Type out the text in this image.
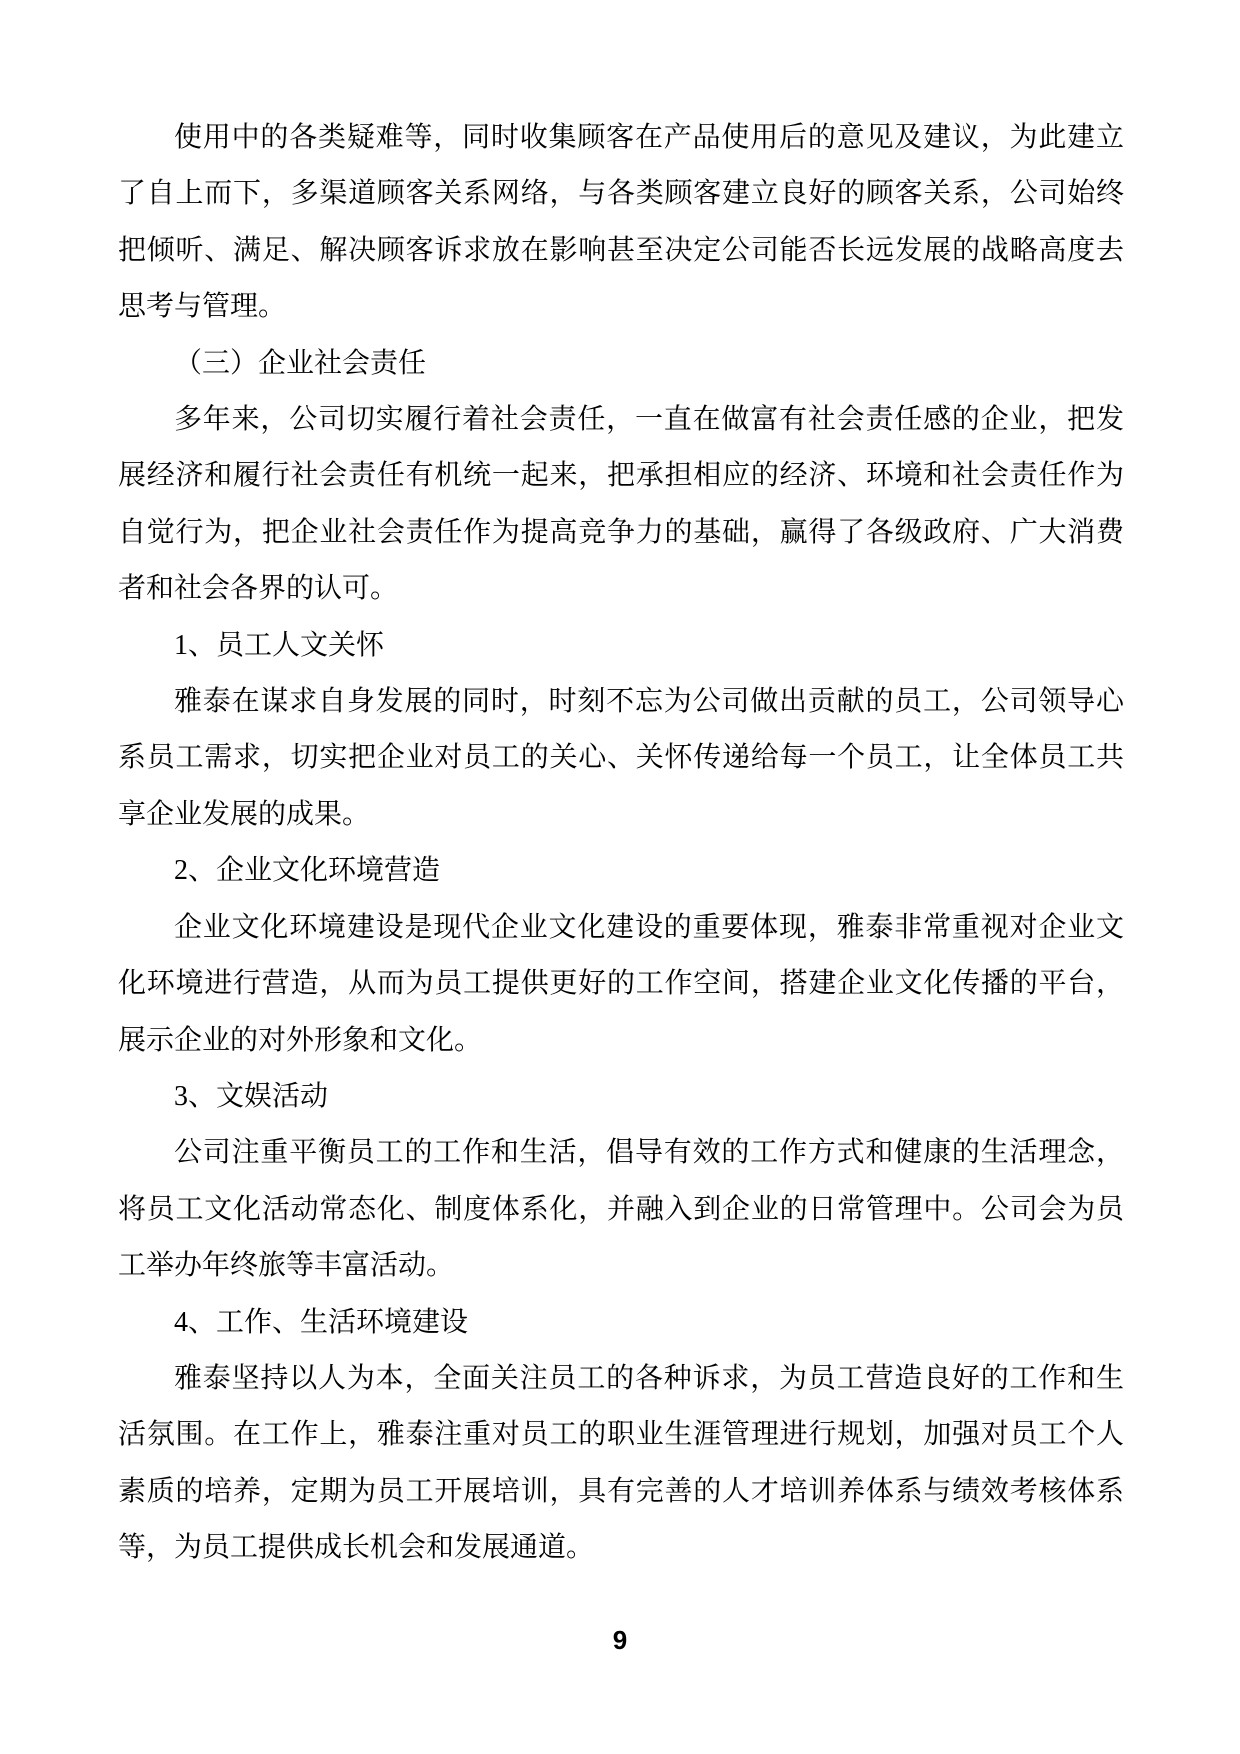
使用中的各类疑难等，同时收集顾客在产品使用后的意见及建议，为此建立了自上而下，多渠道顾客关系网络，与各类顾客建立良好的顾客关系，公司始终把倾听、满足、解决顾客诉求放在影响甚至决定公司能否长远发展的战略高度去思考与管理。

（三）企业社会责任

多年来，公司切实履行着社会责任，一直在做富有社会责任感的企业，把发展经济和履行社会责任有机统一起来，把承担相应的经济、环境和社会责任作为自觉行为，把企业社会责任作为提高竞争力的基础，赢得了各级政府、广大消费者和社会各界的认可。

1、员工人文关怀

雅泰在谋求自身发展的同时，时刻不忘为公司做出贡献的员工，公司领导心系员工需求，切实把企业对员工的关心、关怀传递给每一个员工，让全体员工共享企业发展的成果。

2、企业文化环境营造

企业文化环境建设是现代企业文化建设的重要体现，雅泰非常重视对企业文化环境进行营造，从而为员工提供更好的工作空间，搭建企业文化传播的平台，展示企业的对外形象和文化。

3、文娱活动

公司注重平衡员工的工作和生活，倡导有效的工作方式和健康的生活理念，将员工文化活动常态化、制度体系化，并融入到企业的日常管理中。公司会为员工举办年终旅等丰富活动。

4、工作、生活环境建设

雅泰坚持以人为本，全面关注员工的各种诉求，为员工营造良好的工作和生活氛围。在工作上，雅泰注重对员工的职业生涯管理进行规划，加强对员工个人素质的培养，定期为员工开展培训，具有完善的人才培训养体系与绩效考核体系等，为员工提供成长机会和发展通道。

9
